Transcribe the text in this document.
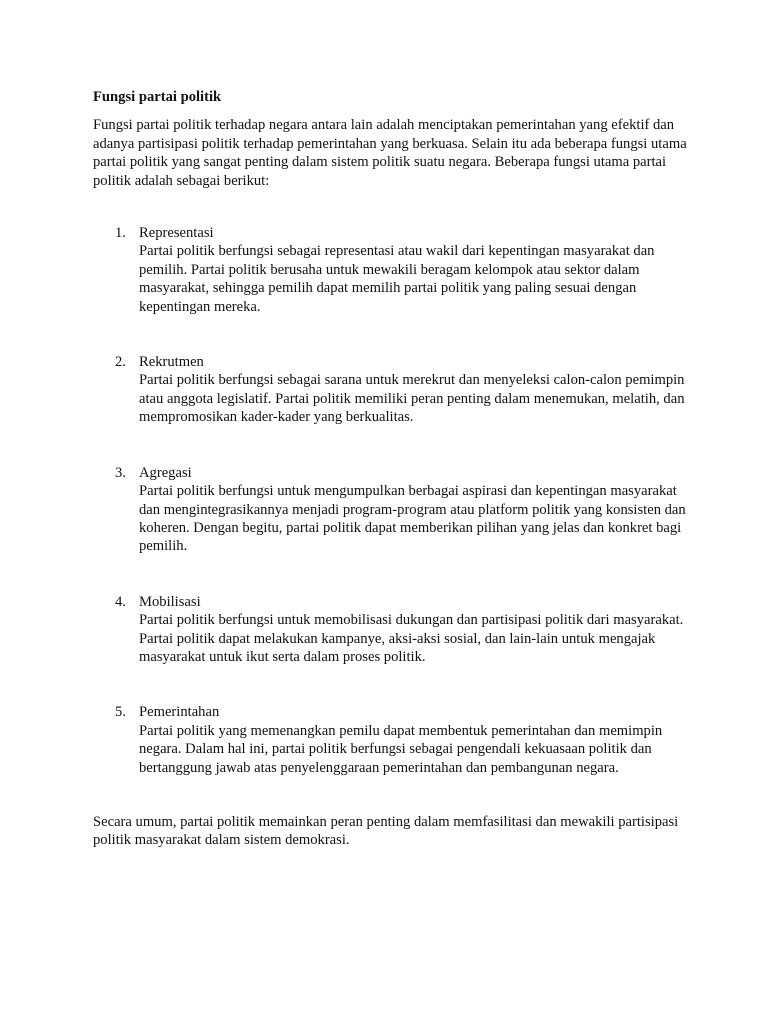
Fungsi partai politik

Fungsi partai politik terhadap negara antara lain adalah menciptakan pemerintahan yang efektif dan adanya partisipasi politik terhadap pemerintahan yang berkuasa. Selain itu ada beberapa fungsi utama partai politik yang sangat penting dalam sistem politik suatu negara. Beberapa fungsi utama partai politik adalah sebagai berikut:

1. Representasi
Partai politik berfungsi sebagai representasi atau wakil dari kepentingan masyarakat dan pemilih. Partai politik berusaha untuk mewakili beragam kelompok atau sektor dalam masyarakat, sehingga pemilih dapat memilih partai politik yang paling sesuai dengan kepentingan mereka.
2. Rekrutmen
Partai politik berfungsi sebagai sarana untuk merekrut dan menyeleksi calon-calon pemimpin atau anggota legislatif. Partai politik memiliki peran penting dalam menemukan, melatih, dan mempromosikan kader-kader yang berkualitas.
3. Agregasi
Partai politik berfungsi untuk mengumpulkan berbagai aspirasi dan kepentingan masyarakat dan mengintegrasikannya menjadi program-program atau platform politik yang konsisten dan koheren. Dengan begitu, partai politik dapat memberikan pilihan yang jelas dan konkret bagi pemilih.
4. Mobilisasi
Partai politik berfungsi untuk memobilisasi dukungan dan partisipasi politik dari masyarakat. Partai politik dapat melakukan kampanye, aksi-aksi sosial, dan lain-lain untuk mengajak masyarakat untuk ikut serta dalam proses politik.
5. Pemerintahan
Partai politik yang memenangkan pemilu dapat membentuk pemerintahan dan memimpin negara. Dalam hal ini, partai politik berfungsi sebagai pengendali kekuasaan politik dan bertanggung jawab atas penyelenggaraan pemerintahan dan pembangunan negara.

Secara umum, partai politik memainkan peran penting dalam memfasilitasi dan mewakili partisipasi politik masyarakat dalam sistem demokrasi.
